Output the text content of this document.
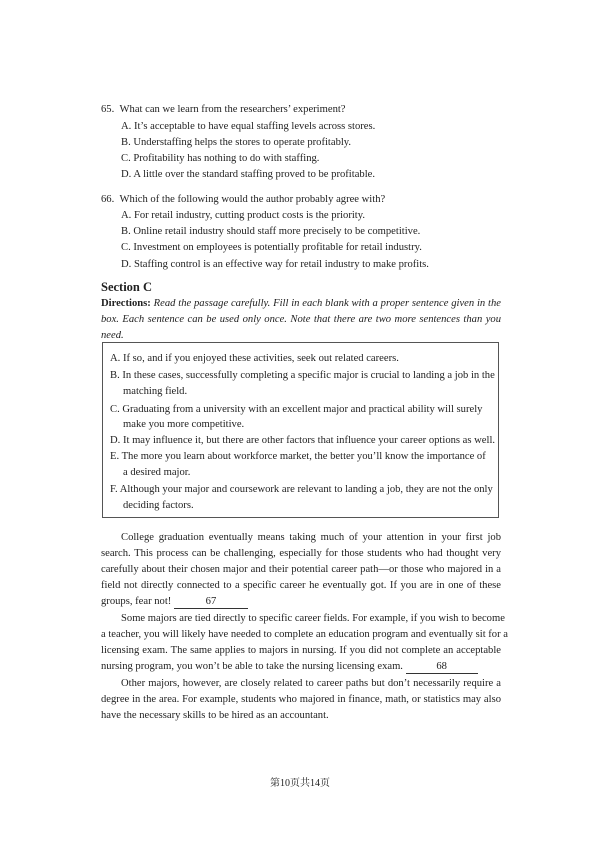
65. What can we learn from the researchers’ experiment?
A. It’s acceptable to have equal staffing levels across stores.
B. Understaffing helps the stores to operate profitably.
C. Profitability has nothing to do with staffing.
D. A little over the standard staffing proved to be profitable.
66. Which of the following would the author probably agree with?
A. For retail industry, cutting product costs is the priority.
B. Online retail industry should staff more precisely to be competitive.
C. Investment on employees is potentially profitable for retail industry.
D. Staffing control is an effective way for retail industry to make profits.
Section C
Directions: Read the passage carefully. Fill in each blank with a proper sentence given in the
box. Each sentence can be used only once. Note that there are two more sentences than you
need.
A. If so, and if you enjoyed these activities, seek out related careers.
B. In these cases, successfully completing a specific major is crucial to landing a job in the
matching field.
C. Graduating from a university with an excellent major and practical ability will surely
make you more competitive.
D. It may influence it, but there are other factors that influence your career options as well.
E. The more you learn about workforce market, the better you’ll know the importance of
a desired major.
F. Although your major and coursework are relevant to landing a job, they are not the only
deciding factors.
College graduation eventually means taking much of your attention in your first job
search. This process can be challenging, especially for those students who had thought very
carefully about their chosen major and their potential career path—or those who majored in a
field not directly connected to a specific career he eventually got. If you are in one of these
groups, fear not!	67
Some majors are tied directly to specific career fields. For example, if you wish to become
a teacher, you will likely have needed to complete an education program and eventually sit for a
licensing exam. The same applies to majors in nursing. If you did not complete an acceptable
nursing program, you won’t be able to take the nursing licensing exam.	68
Other majors, however, are closely related to career paths but don’t necessarily require a
degree in the area. For example, students who majored in finance, math, or statistics may also
have the necessary skills to be hired as an accountant.
第10页共14页
